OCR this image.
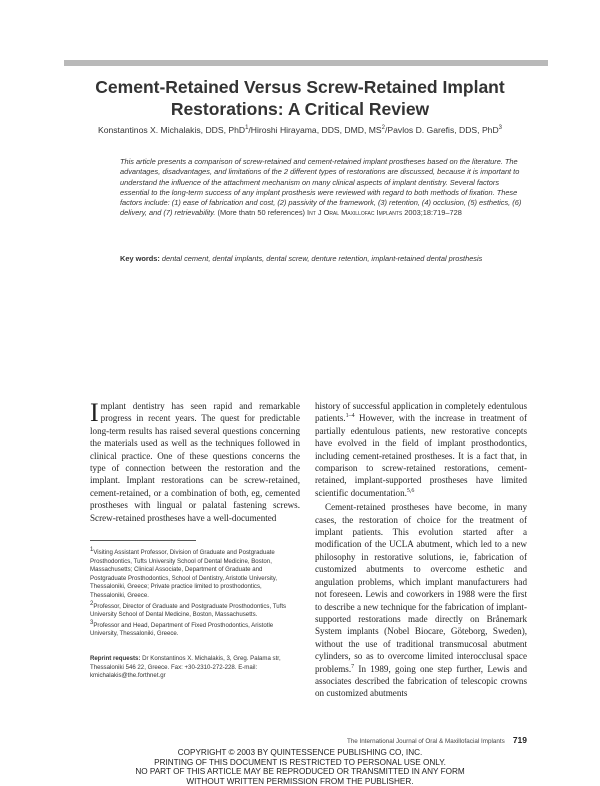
Cement-Retained Versus Screw-Retained Implant
Restorations: A Critical Review
Konstantinos X. Michalakis, DDS, PhD$^1$/Hiroshi Hirayama, DDS, DMD, $MS^2$/Pavlos D. Garefis, DDS, PhD$^3$
This article presents a comparison of screw-retained and cement-retained implant prostheses based on the literature. The advantages, disadvantages, and limitations of the 2 different types of restorations are discussed, because it is important to understand the influence of the attachment mechanism on many clinical aspects of implant dentistry. Several factors essential to the long-term success of any implant prosthesis were reviewed with regard to both methods of fixation. These factors include: (1) ease of fabrication and cost, (2) passivity of the framework, (3) retention, (4) occlusion, (5) esthetics, (6) delivery, and (7) retrievability. (More thatn 50 references) Int J Oral Maxillofac Implants 2003;18:719–728
Key words: dental cement, dental implants, dental screw, denture retention, implant-retained dental prosthesis

Implant dentistry has seen rapid and remarkable progress in recent years. The quest for predictable long-term results has raised several questions concerning the materials used as well as the techniques followed in clinical practice. One of these questions concerns the type of connection between the restoration and the implant. Implant restorations can be screw-retained, cement-retained, or a combination of both, eg, cemented prostheses with lingual or palatal fastening screws. Screw-retained prostheses have a well-documented

history of successful application in completely edentulous patients.$^{1-4}$ However, with the increase in treatment of partially edentulous patients, new restorative concepts have evolved in the field of implant prosthodontics, including cement-retained prostheses. It is a fact that, in comparison to screw-retained restorations, cement-retained, implant-supported prostheses have limited scientific documentation.$^{5,6}$

Cement-retained prostheses have become, in many cases, the restoration of choice for the treatment of implant patients. This evolution started after a modification of the UCLA abutment, which led to a new philosophy in restorative solutions, ie, fabrication of customized abutments to overcome esthetic and angulation problems, which implant manufacturers had not foreseen. Lewis and coworkers in 1988 were the first to describe a new technique for the fabrication of implant-supported restorations made directly on Brånemark System implants (Nobel Biocare, Göteborg, Sweden), without the use of traditional transmucosal abutment cylinders, so as to overcome limited interocclusal space problems.$^7$ In 1989, going one step further, Lewis and associates described the fabrication of telescopic crowns on customized abutments

$^1$Visiting Assistant Professor, Division of Graduate and Postgraduate Prosthodontics, Tufts University School of Dental Medicine, Boston, Massachusetts; Clinical Associate, Department of Graduate and Postgraduate Prosthodontics, School of Dentistry, Aristotle University, Thessaloniki, Greece; Private practice limited to prosthodontics, Thessaloniki, Greece.

$^2$Professor, Director of Graduate and Postgraduate Prosthodontics, Tufts University School of Dental Medicine, Boston, Massachusetts.

$^3$Professor and Head, Department of Fixed Prosthodontics, Aristotle University, Thessaloniki, Greece.

Reprint requests: Dr Konstantinos X. Michalakis, 3, Greg. Palama str, Thessaloniki 546 22, Greece. Fax: +30-2310-272-228. E-mail: kmichalakis@the.forthnet.gr
The International Journal of Oral & Maxillofacial Implants 719
COPYRIGHT © 2003 BY QUINTESSENCE PUBLISHING CO, INC.
PRINTING OF THIS DOCUMENT IS RESTRICTED TO PERSONAL USE ONLY.
NO PART OF THIS ARTICLE MAY BE REPRODUCED OR TRANSMITTED IN ANY FORM
WITHOUT WRITTEN PERMISSION FROM THE PUBLISHER.
